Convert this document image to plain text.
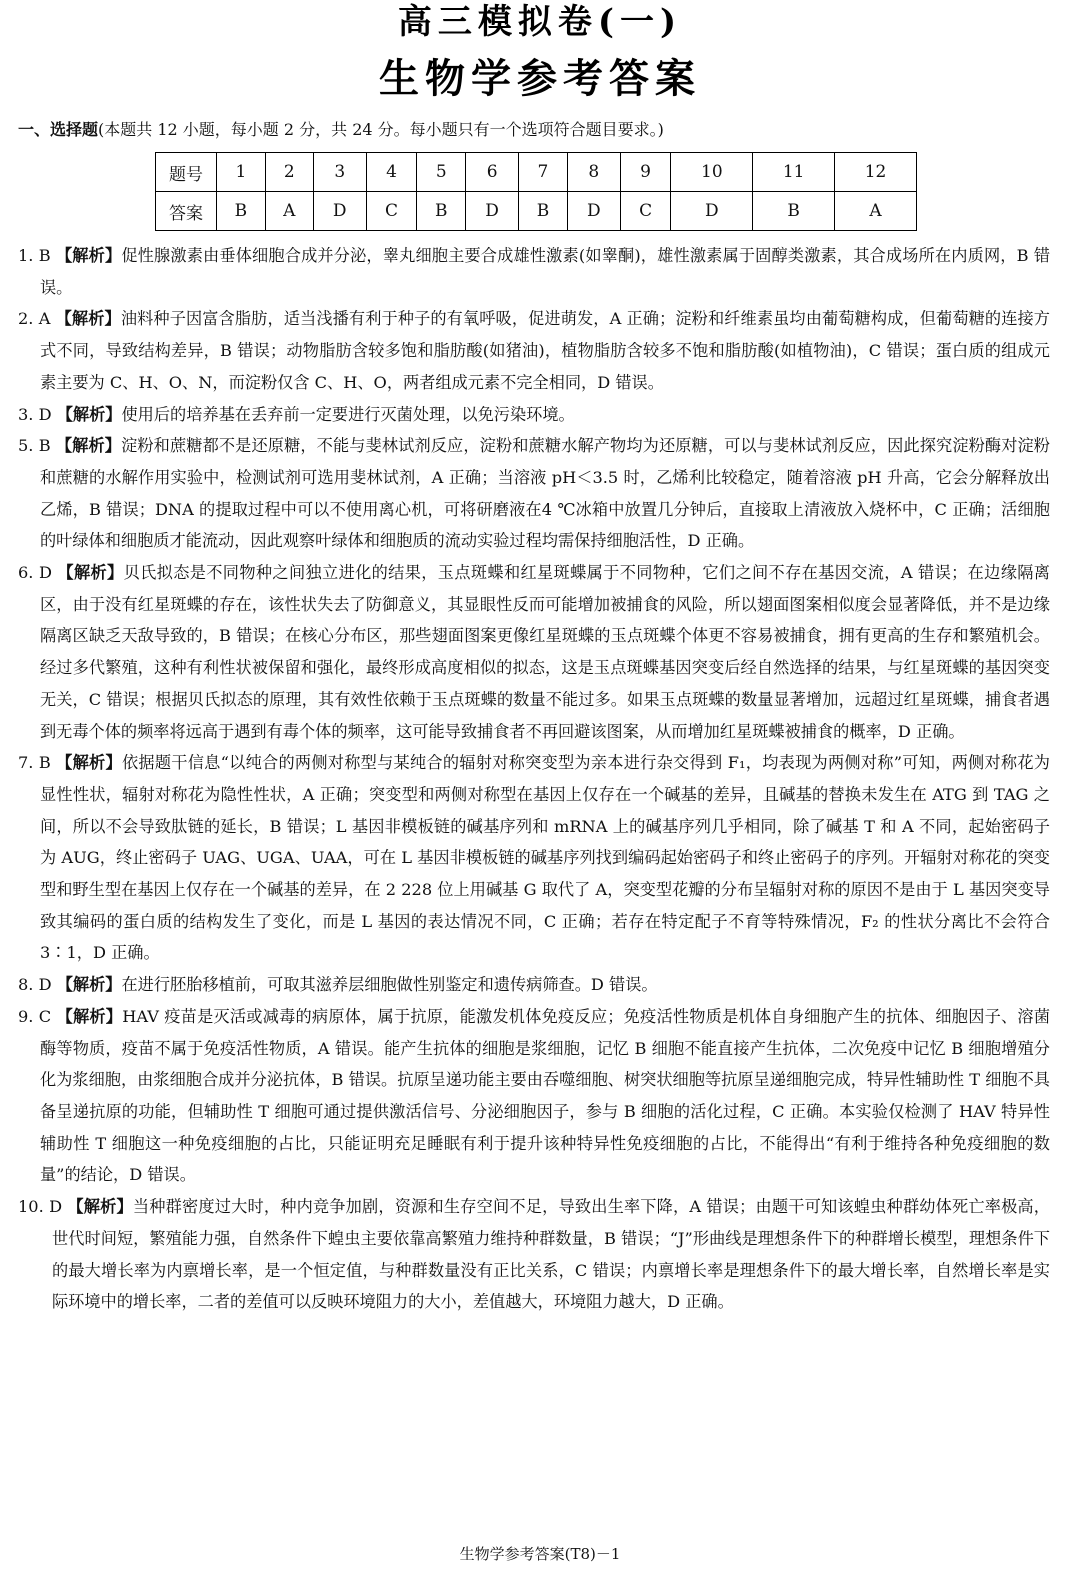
高三模拟卷(一)
生物学参考答案
一、选择题(本题共 12 小题，每小题 2 分，共 24 分。每小题只有一个选项符合题目要求。)
题号	1	2	3	4	5	6	7	8	9	10	11	12
答案	B	A	D	C	B	D	B	D	C	D	B	A

1. B 【解析】促性腺激素由垂体细胞合成并分泌，睾丸细胞主要合成雄性激素(如睾酮)，雄性激素属于固醇类激素，其合成场所在内质网，B 错误。

2. A 【解析】油料种子因富含脂肪，适当浅播有利于种子的有氧呼吸，促进萌发，A 正确；淀粉和纤维素虽均由葡萄糖构成，但葡萄糖的连接方式不同，导致结构差异，B 错误；动物脂肪含较多饱和脂肪酸(如猪油)，植物脂肪含较多不饱和脂肪酸(如植物油)，C 错误；蛋白质的组成元素主要为 C、H、O、N，而淀粉仅含 C、H、O，两者组成元素不完全相同，D 错误。

3. D 【解析】使用后的培养基在丢弃前一定要进行灭菌处理，以免污染环境。

5. B 【解析】淀粉和蔗糖都不是还原糖，不能与斐林试剂反应，淀粉和蔗糖水解产物均为还原糖，可以与斐林试剂反应，因此探究淀粉酶对淀粉和蔗糖的水解作用实验中，检测试剂可选用斐林试剂，A 正确；当溶液 pH＜3.5 时，乙烯利比较稳定，随着溶液 pH 升高，它会分解释放出乙烯，B 错误；DNA 的提取过程中可以不使用离心机，可将研磨液在4 ℃冰箱中放置几分钟后，直接取上清液放入烧杯中，C 正确；活细胞的叶绿体和细胞质才能流动，因此观察叶绿体和细胞质的流动实验过程均需保持细胞活性，D 正确。

6. D 【解析】贝氏拟态是不同物种之间独立进化的结果，玉点斑蝶和红星斑蝶属于不同物种，它们之间不存在基因交流，A 错误；在边缘隔离区，由于没有红星斑蝶的存在，该性状失去了防御意义，其显眼性反而可能增加被捕食的风险，所以翅面图案相似度会显著降低，并不是边缘隔离区缺乏天敌导致的，B 错误；在核心分布区，那些翅面图案更像红星斑蝶的玉点斑蝶个体更不容易被捕食，拥有更高的生存和繁殖机会。经过多代繁殖，这种有利性状被保留和强化，最终形成高度相似的拟态，这是玉点斑蝶基因突变后经自然选择的结果，与红星斑蝶的基因突变无关，C 错误；根据贝氏拟态的原理，其有效性依赖于玉点斑蝶的数量不能过多。如果玉点斑蝶的数量显著增加，远超过红星斑蝶，捕食者遇到无毒个体的频率将远高于遇到有毒个体的频率，这可能导致捕食者不再回避该图案，从而增加红星斑蝶被捕食的概率，D 正确。

7. B 【解析】依据题干信息“以纯合的两侧对称型与某纯合的辐射对称突变型为亲本进行杂交得到 F₁，均表现为两侧对称”可知，两侧对称花为显性性状，辐射对称花为隐性性状，A 正确；突变型和两侧对称型在基因上仅存在一个碱基的差异，且碱基的替换未发生在 ATG 到 TAG 之间，所以不会导致肽链的延长，B 错误；L 基因非模板链的碱基序列和 mRNA 上的碱基序列几乎相同，除了碱基 T 和 A 不同，起始密码子为 AUG，终止密码子 UAG、UGA、UAA，可在 L 基因非模板链的碱基序列找到编码起始密码子和终止密码子的序列。开辐射对称花的突变型和野生型在基因上仅存在一个碱基的差异，在 2 228 位上用碱基 G 取代了 A，突变型花瓣的分布呈辐射对称的原因不是由于 L 基因突变导致其编码的蛋白质的结构发生了变化，而是 L 基因的表达情况不同，C 正确；若存在特定配子不育等特殊情况，F₂ 的性状分离比不会符合 3∶1，D 正确。

8. D 【解析】在进行胚胎移植前，可取其滋养层细胞做性别鉴定和遗传病筛查。D 错误。

9. C 【解析】HAV 疫苗是灭活或减毒的病原体，属于抗原，能激发机体免疫反应；免疫活性物质是机体自身细胞产生的抗体、细胞因子、溶菌酶等物质，疫苗不属于免疫活性物质，A 错误。能产生抗体的细胞是浆细胞，记忆 B 细胞不能直接产生抗体，二次免疫中记忆 B 细胞增殖分化为浆细胞，由浆细胞合成并分泌抗体，B 错误。抗原呈递功能主要由吞噬细胞、树突状细胞等抗原呈递细胞完成，特异性辅助性 T 细胞不具备呈递抗原的功能，但辅助性 T 细胞可通过提供激活信号、分泌细胞因子，参与 B 细胞的活化过程，C 正确。本实验仅检测了 HAV 特异性辅助性 T 细胞这一种免疫细胞的占比，只能证明充足睡眠有利于提升该种特异性免疫细胞的占比，不能得出“有利于维持各种免疫细胞的数量”的结论，D 错误。

10. D 【解析】当种群密度过大时，种内竞争加剧，资源和生存空间不足，导致出生率下降，A 错误；由题干可知该蝗虫种群幼体死亡率极高，世代时间短，繁殖能力强，自然条件下蝗虫主要依靠高繁殖力维持种群数量，B 错误；“J”形曲线是理想条件下的种群增长模型，理想条件下的最大增长率为内禀增长率，是一个恒定值，与种群数量没有正比关系，C 错误；内禀增长率是理想条件下的最大增长率，自然增长率是实际环境中的增长率，二者的差值可以反映环境阻力的大小，差值越大，环境阻力越大，D 正确。

生物学参考答案(T8)－1
